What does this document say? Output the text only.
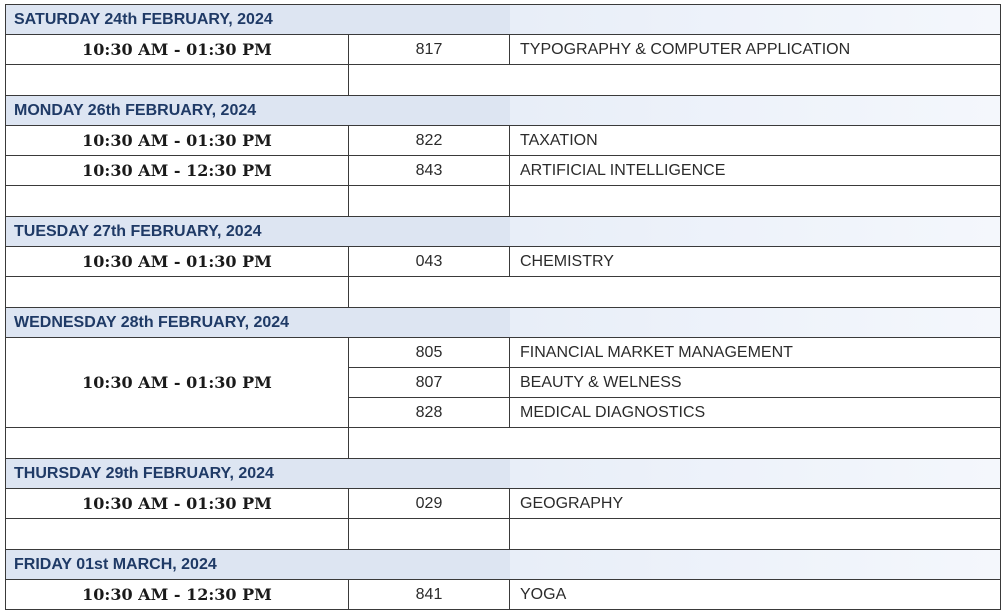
SATURDAY 24th FEBRUARY, 2024		
10:30 AM - 01:30 PM	817	TYPOGRAPHY & COMPUTER APPLICATION

MONDAY 26th FEBRUARY, 2024		
10:30 AM - 01:30 PM	822	TAXATION
10:30 AM - 12:30 PM	843	ARTIFICIAL INTELLIGENCE

TUESDAY 27th FEBRUARY, 2024		
10:30 AM - 01:30 PM	043	CHEMISTRY

WEDNESDAY 28th FEBRUARY, 2024		
10:30 AM - 01:30 PM	805	FINANCIAL MARKET MANAGEMENT
	807	BEAUTY & WELNESS
	828	MEDICAL DIAGNOSTICS

THURSDAY 29th FEBRUARY, 2024		
10:30 AM - 01:30 PM	029	GEOGRAPHY

FRIDAY 01st MARCH, 2024		
10:30 AM - 12:30 PM	841	YOGA
